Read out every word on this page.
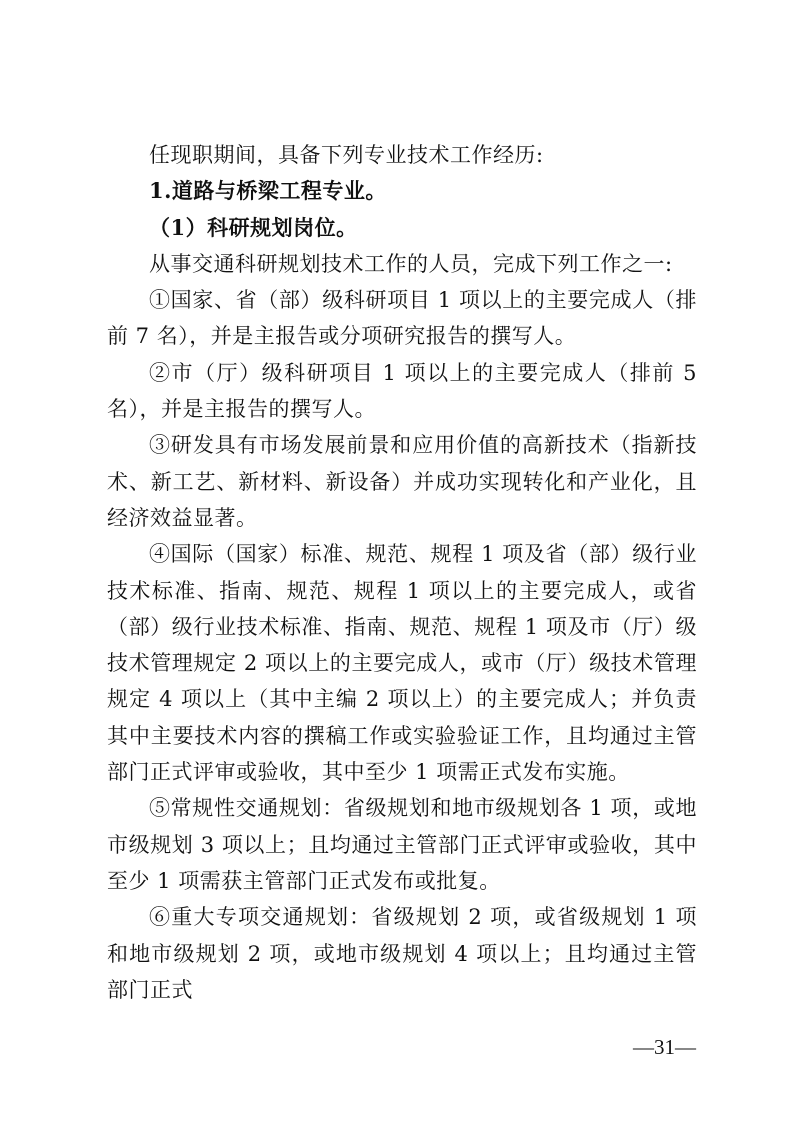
任现职期间，具备下列专业技术工作经历:

1.道路与桥梁工程专业。

（1）科研规划岗位。

从事交通科研规划技术工作的人员，完成下列工作之一:

①国家、省（部）级科研项目 1 项以上的主要完成人（排前 7 名），并是主报告或分项研究报告的撰写人。

②市（厅）级科研项目 1 项以上的主要完成人（排前 5 名），并是主报告的撰写人。

③研发具有市场发展前景和应用价值的高新技术（指新技术、新工艺、新材料、新设备）并成功实现转化和产业化，且经济效益显著。

④国际（国家）标准、规范、规程 1 项及省（部）级行业技术标准、指南、规范、规程 1 项以上的主要完成人，或省（部）级行业技术标准、指南、规范、规程 1 项及市（厅）级技术管理规定 2 项以上的主要完成人，或市（厅）级技术管理规定 4 项以上（其中主编 2 项以上）的主要完成人；并负责其中主要技术内容的撰稿工作或实验验证工作，且均通过主管部门正式评审或验收，其中至少 1 项需正式发布实施。

⑤常规性交通规划：省级规划和地市级规划各 1 项，或地市级规划 3 项以上；且均通过主管部门正式评审或验收，其中至少 1 项需获主管部门正式发布或批复。

⑥重大专项交通规划：省级规划 2 项，或省级规划 1 项和地市级规划 2 项，或地市级规划 4 项以上；且均通过主管部门正式

—31—
